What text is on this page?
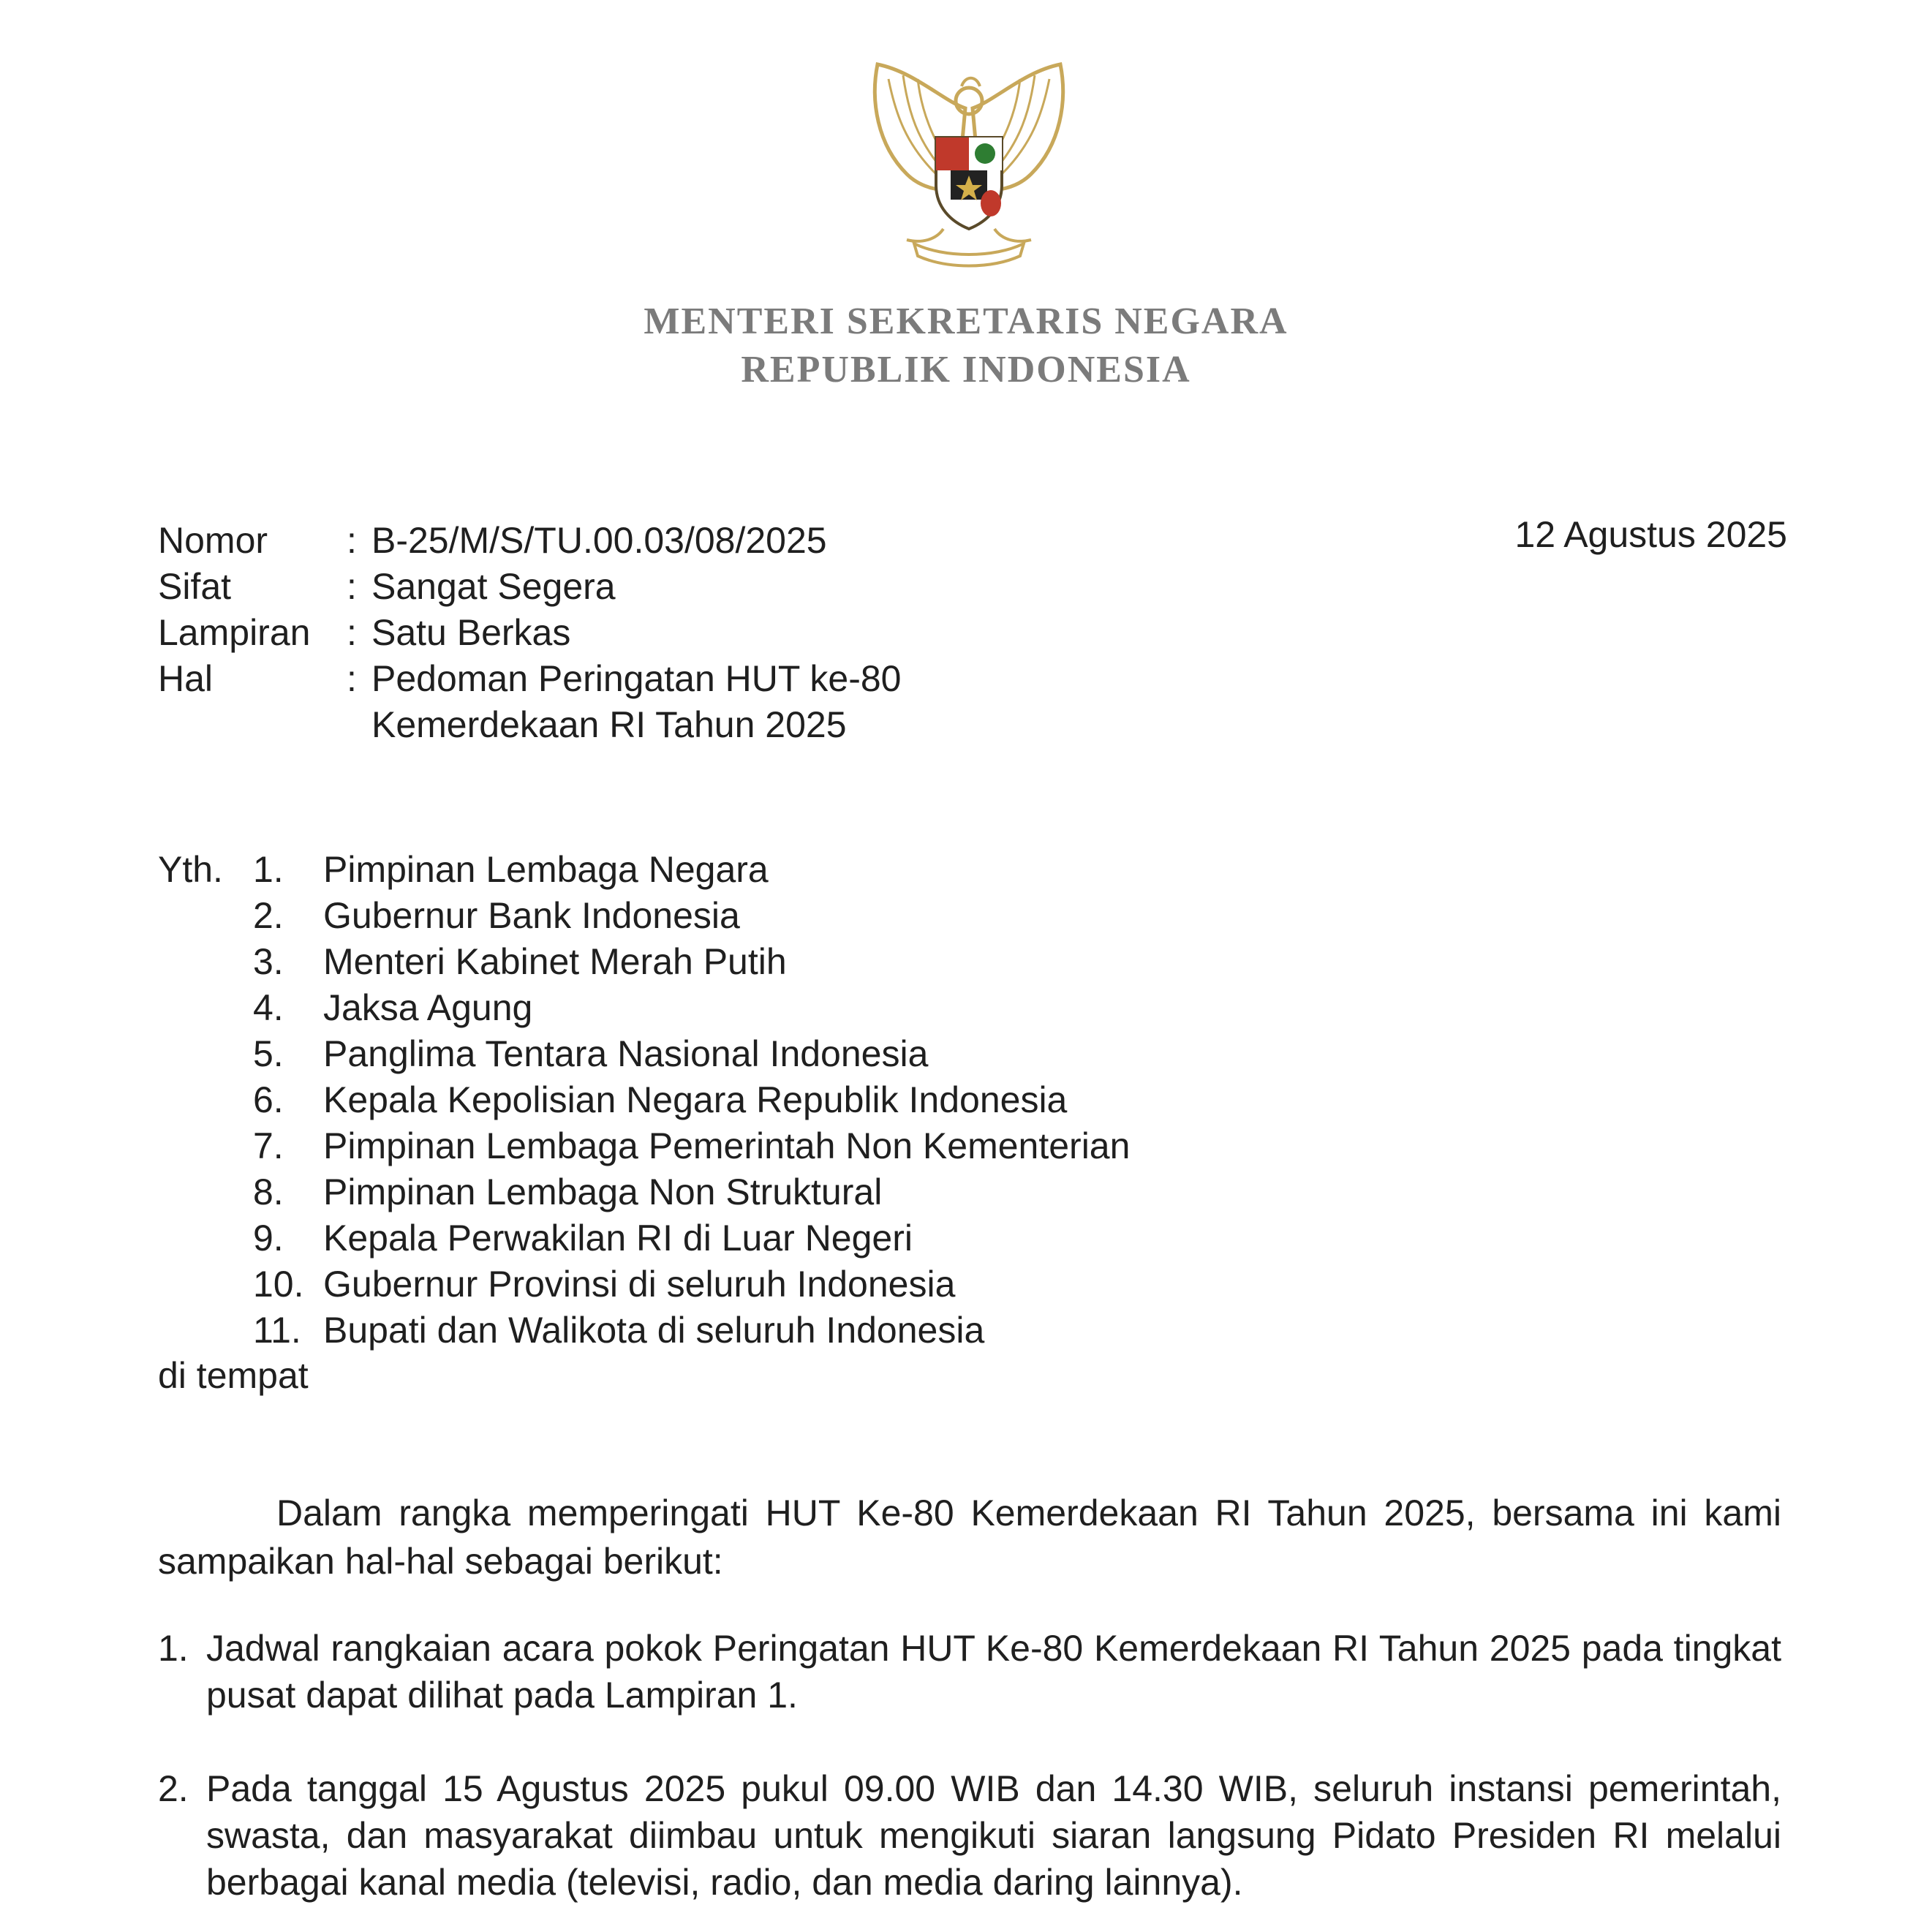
MENTERI SEKRETARIS NEGARA
REPUBLIK INDONESIA
Nomor	: B-25/M/S/TU.00.03/08/2025
Sifat	: Sangat Segera
Lampiran : Satu Berkas
Hal	: Pedoman Peringatan HUT ke-80
Kemerdekaan RI Tahun 2025
12 Agustus 2025
Yth. 1.	Pimpinan Lembaga Negara
2.	Gubernur Bank Indonesia
3.	Menteri Kabinet Merah Putih
4.	Jaksa Agung
5.	Panglima Tentara Nasional Indonesia
6.	Kepala Kepolisian Negara Republik Indonesia
7.	Pimpinan Lembaga Pemerintah Non Kementerian
8.	Pimpinan Lembaga Non Struktural
9.	Kepala Perwakilan RI di Luar Negeri
10. Gubernur Provinsi di seluruh Indonesia
11. Bupati dan Walikota di seluruh Indonesia
di tempat
Dalam rangka memperingati HUT Ke-80 Kemerdekaan RI Tahun 2025, bersama ini kami sampaikan hal-hal sebagai berikut:
1. Jadwal rangkaian acara pokok Peringatan HUT Ke-80 Kemerdekaan RI Tahun 2025 pada tingkat pusat dapat dilihat pada Lampiran 1.
2. Pada tanggal 15 Agustus 2025 pukul 09.00 WIB dan 14.30 WIB, seluruh instansi pemerintah, swasta, dan masyarakat diimbau untuk mengikuti siaran langsung Pidato Presiden RI melalui berbagai kanal media (televisi, radio, dan media daring lainnya).
